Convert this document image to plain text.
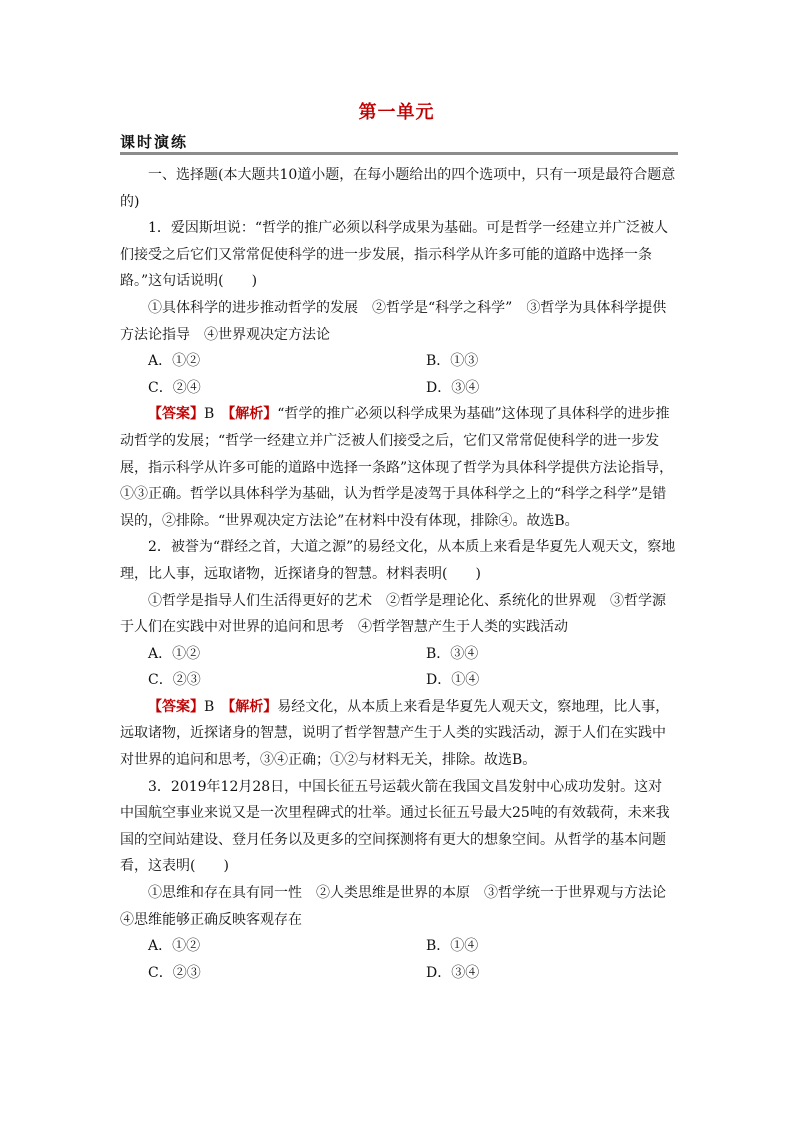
第一单元
课时演练

一、选择题(本大题共10道小题，在每小题给出的四个选项中，只有一项是最符合题意的)

1．爱因斯坦说：“哲学的推广必须以科学成果为基础。可是哲学一经建立并广泛被人们接受之后它们又常常促使科学的进一步发展，指示科学从许多可能的道路中选择一条路。”这句话说明(　　)

①具体科学的进步推动哲学的发展　②哲学是“科学之科学”　③哲学为具体科学提供方法论指导　④世界观决定方法论

A．①②	B．①③
C．②④	D．③④

【答案】B　 【解析】“哲学的推广必须以科学成果为基础”这体现了具体科学的进步推动哲学的发展；“哲学一经建立并广泛被人们接受之后，它们又常常促使科学的进一步发展，指示科学从许多可能的道路中选择一条路”这体现了哲学为具体科学提供方法论指导，①③正确。哲学以具体科学为基础，认为哲学是凌驾于具体科学之上的“科学之科学”是错误的，②排除。“世界观决定方法论”在材料中没有体现，排除④。故选B。

2．被誉为“群经之首，大道之源”的易经文化，从本质上来看是华夏先人观天文，察地理，比人事，远取诸物，近探诸身的智慧。材料表明(　　)

①哲学是指导人们生活得更好的艺术　②哲学是理论化、系统化的世界观　③哲学源于人们在实践中对世界的追问和思考　④哲学智慧产生于人类的实践活动

A．①②	B．③④
C．②③	D．①④

【答案】B　 【解析】易经文化，从本质上来看是华夏先人观天文，察地理，比人事，远取诸物，近探诸身的智慧，说明了哲学智慧产生于人类的实践活动，源于人们在实践中对世界的追问和思考，③④正确；①②与材料无关，排除。故选B。

3．2019年12月28日，中国长征五号运载火箭在我国文昌发射中心成功发射。这对中国航空事业来说又是一次里程碑式的壮举。通过长征五号最大25吨的有效载荷，未来我国的空间站建设、登月任务以及更多的空间探测将有更大的想象空间。从哲学的基本问题看，这表明(　　)

①思维和存在具有同一性　②人类思维是世界的本原　③哲学统一于世界观与方法论　④思维能够正确反映客观存在

A．①②	B．①④
C．②③	D．③④
